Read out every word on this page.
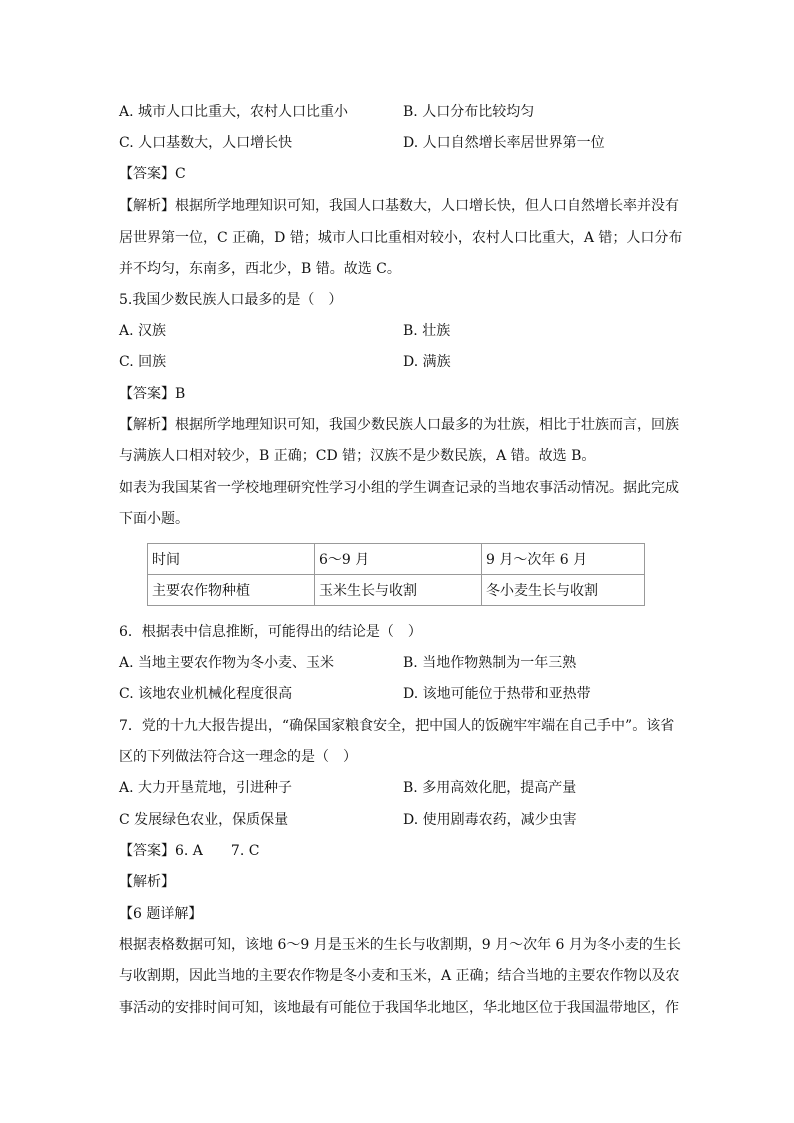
A. 城市人口比重大，农村人口比重小	B. 人口分布比较均匀
C. 人口基数大，人口增长快	D. 人口自然增长率居世界第一位
【答案】C
【解析】根据所学地理知识可知，我国人口基数大，人口增长快，但人口自然增长率并没有
居世界第一位，C 正确，D 错；城市人口比重相对较小，农村人口比重大，A 错；人口分布
并不均匀，东南多，西北少，B 错。故选 C。
5.我国少数民族人口最多的是（　）
A. 汉族	B. 壮族
C. 回族	D. 满族
【答案】B
【解析】根据所学地理知识可知，我国少数民族人口最多的为壮族，相比于壮族而言，回族
与满族人口相对较少，B 正确；CD 错；汉族不是少数民族，A 错。故选 B。
如表为我国某省一学校地理研究性学习小组的学生调查记录的当地农事活动情况。据此完成
下面小题。
时间	6～9 月	9 月～次年 6 月
主要农作物种植	玉米生长与收割	冬小麦生长与收割
6．根据表中信息推断，可能得出的结论是（　）
A. 当地主要农作物为冬小麦、玉米	B. 当地作物熟制为一年三熟
C. 该地农业机械化程度很高	D. 该地可能位于热带和亚热带
7．党的十九大报告提出，“确保国家粮食安全，把中国人的饭碗牢牢端在自己手中”。该省
区的下列做法符合这一理念的是（　）
A. 大力开垦荒地，引进种子	B. 多用高效化肥，提高产量
C 发展绿色农业，保质保量	D. 使用剧毒农药，减少虫害
【答案】6. A　　7. C
【解析】
【6 题详解】
根据表格数据可知，该地 6～9 月是玉米的生长与收割期，9 月～次年 6 月为冬小麦的生长
与收割期，因此当地的主要农作物是冬小麦和玉米，A 正确；结合当地的主要农作物以及农
事活动的安排时间可知，该地最有可能位于我国华北地区，华北地区位于我国温带地区，作
